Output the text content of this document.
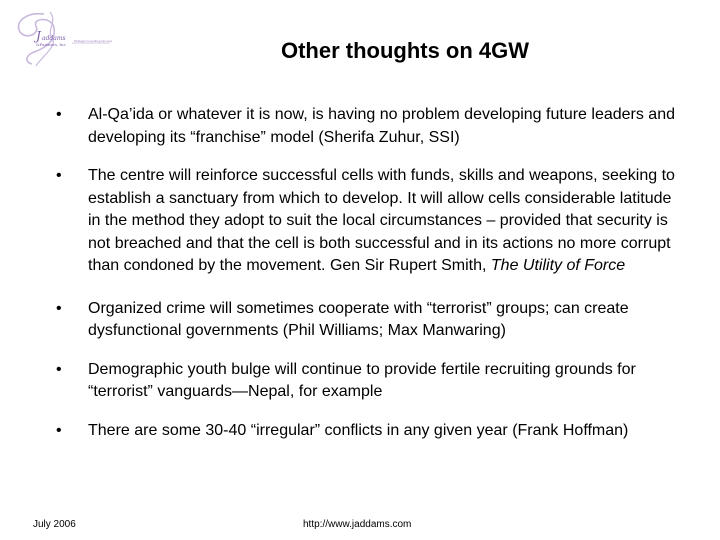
J addams
&Partners, Inc
Strategic Consulting Services	Other thoughts on 4GW
•	Al-Qa’ida or whatever it is now, is having no problem developing future leaders and developing its “franchise” model (Sherifa Zuhur, SSI)
•	The centre will reinforce successful cells with funds, skills and weapons, seeking to establish a sanctuary from which to develop. It will allow cells considerable latitude in the method they adopt to suit the local circumstances – provided that security is not breached and that the cell is both successful and in its actions no more corrupt than condoned by the movement. Gen Sir Rupert Smith, The Utility of Force
•	Organized crime will sometimes cooperate with “terrorist” groups; can create dysfunctional governments (Phil Williams; Max Manwaring)
•	Demographic youth bulge will continue to provide fertile recruiting grounds for “terrorist” vanguards—Nepal, for example
•	There are some 30-40 “irregular” conflicts in any given year (Frank Hoffman)
July 2006	http://www.jaddams.com
